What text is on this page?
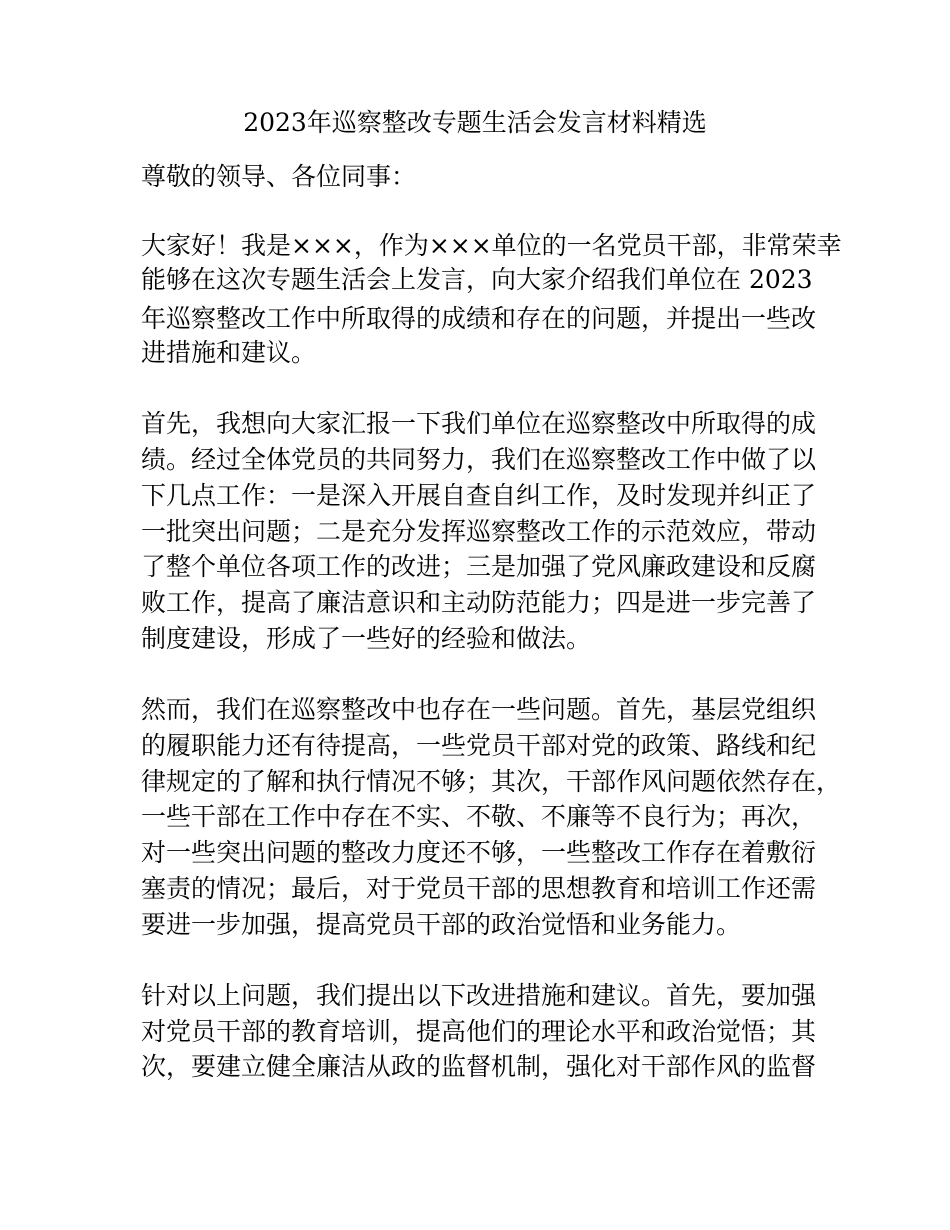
2023年巡察整改专题生活会发言材料精选
尊敬的领导、各位同事：
大家好！我是×××，作为×××单位的一名党员干部，非常荣幸
能够在这次专题生活会上发言，向大家介绍我们单位在 2023
年巡察整改工作中所取得的成绩和存在的问题，并提出一些改
进措施和建议。
首先，我想向大家汇报一下我们单位在巡察整改中所取得的成
绩。经过全体党员的共同努力，我们在巡察整改工作中做了以
下几点工作：一是深入开展自查自纠工作，及时发现并纠正了
一批突出问题；二是充分发挥巡察整改工作的示范效应，带动
了整个单位各项工作的改进；三是加强了党风廉政建设和反腐
败工作，提高了廉洁意识和主动防范能力；四是进一步完善了
制度建设，形成了一些好的经验和做法。
然而，我们在巡察整改中也存在一些问题。首先，基层党组织
的履职能力还有待提高，一些党员干部对党的政策、路线和纪
律规定的了解和执行情况不够；其次，干部作风问题依然存在，
一些干部在工作中存在不实、不敬、不廉等不良行为；再次，
对一些突出问题的整改力度还不够，一些整改工作存在着敷衍
塞责的情况；最后，对于党员干部的思想教育和培训工作还需
要进一步加强，提高党员干部的政治觉悟和业务能力。
针对以上问题，我们提出以下改进措施和建议。首先，要加强
对党员干部的教育培训，提高他们的理论水平和政治觉悟；其
次，要建立健全廉洁从政的监督机制，强化对干部作风的监督
